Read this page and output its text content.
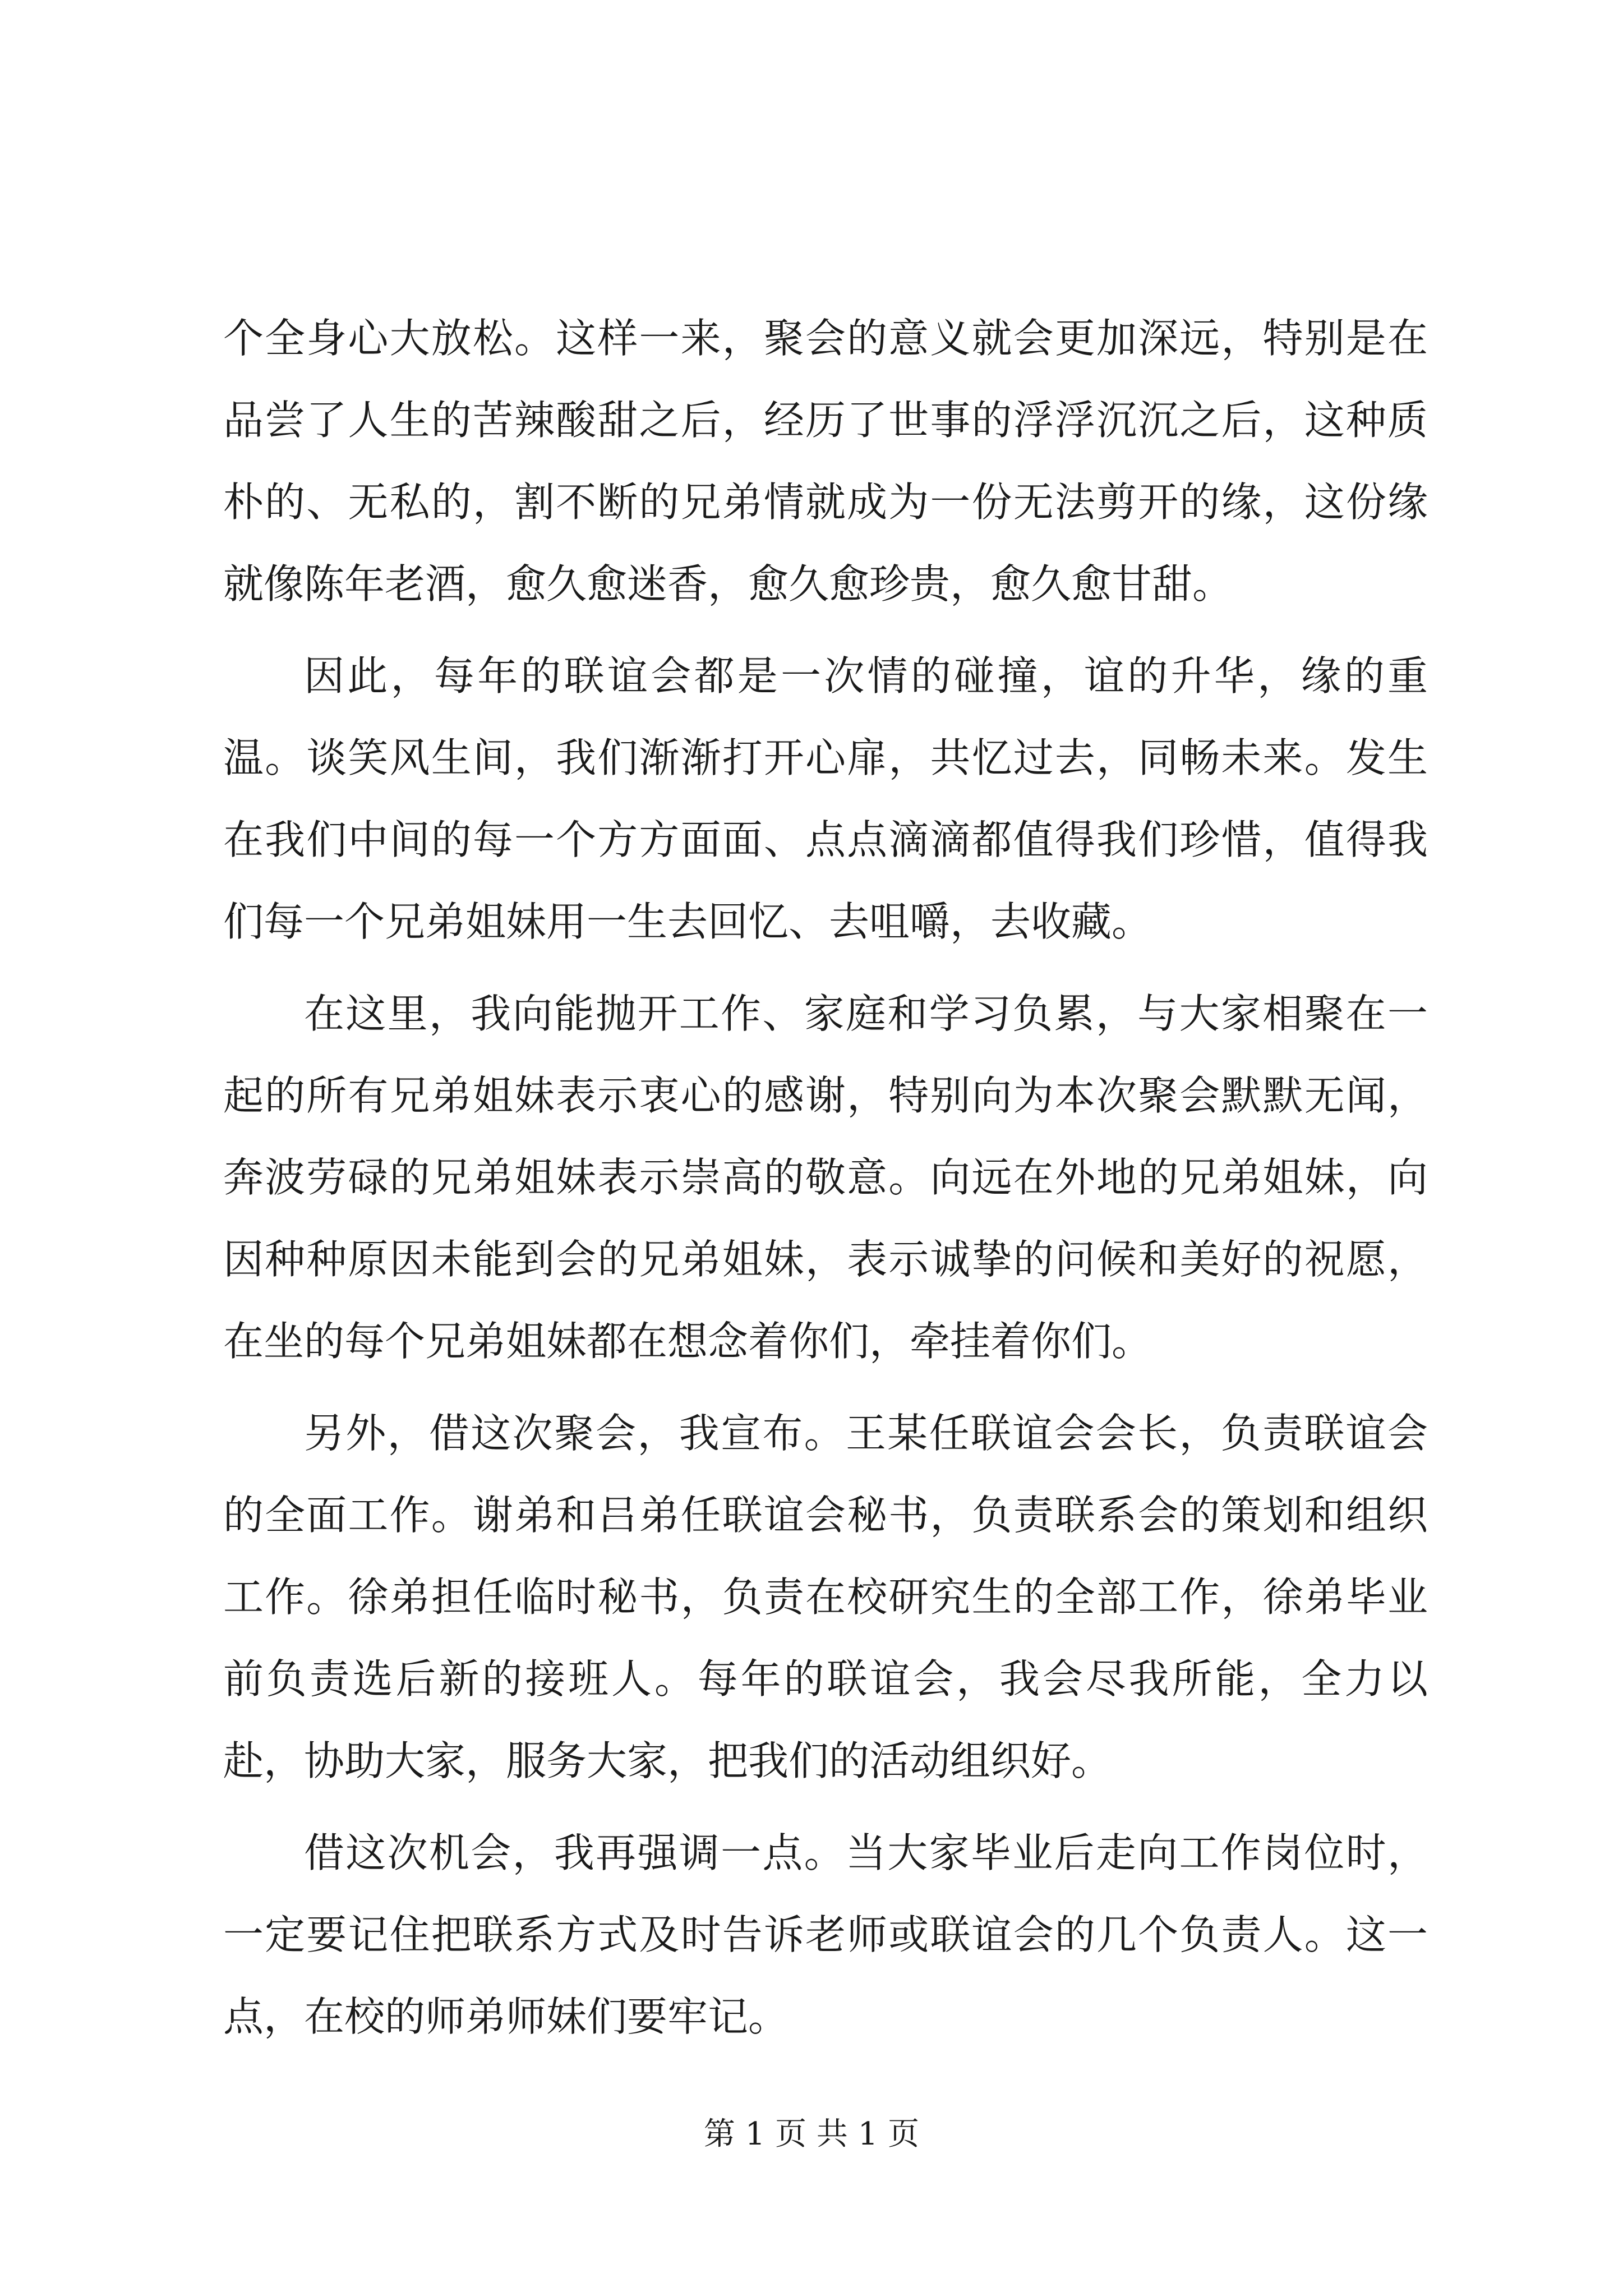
个全身心大放松。这样一来，聚会的意义就会更加深远，特别是在品尝了人生的苦辣酸甜之后，经历了世事的浮浮沉沉之后，这种质朴的、无私的，割不断的兄弟情就成为一份无法剪开的缘，这份缘就像陈年老酒，愈久愈迷香，愈久愈珍贵，愈久愈甘甜。

因此，每年的联谊会都是一次情的碰撞，谊的升华，缘的重温。谈笑风生间，我们渐渐打开心扉，共忆过去，同畅未来。发生在我们中间的每一个方方面面、点点滴滴都值得我们珍惜，值得我们每一个兄弟姐妹用一生去回忆、去咀嚼，去收藏。

在这里，我向能抛开工作、家庭和学习负累，与大家相聚在一起的所有兄弟姐妹表示衷心的感谢，特别向为本次聚会默默无闻，奔波劳碌的兄弟姐妹表示崇高的敬意。向远在外地的兄弟姐妹，向因种种原因未能到会的兄弟姐妹，表示诚挚的问候和美好的祝愿，在坐的每个兄弟姐妹都在想念着你们，牵挂着你们。

另外，借这次聚会，我宣布。王某任联谊会会长，负责联谊会的全面工作。谢弟和吕弟任联谊会秘书，负责联系会的策划和组织工作。徐弟担任临时秘书，负责在校研究生的全部工作，徐弟毕业前负责选后新的接班人。每年的联谊会，我会尽我所能，全力以赴，协助大家，服务大家，把我们的活动组织好。

借这次机会，我再强调一点。当大家毕业后走向工作岗位时，一定要记住把联系方式及时告诉老师或联谊会的几个负责人。这一点，在校的师弟师妹们要牢记。

第 1 页 共 1 页
